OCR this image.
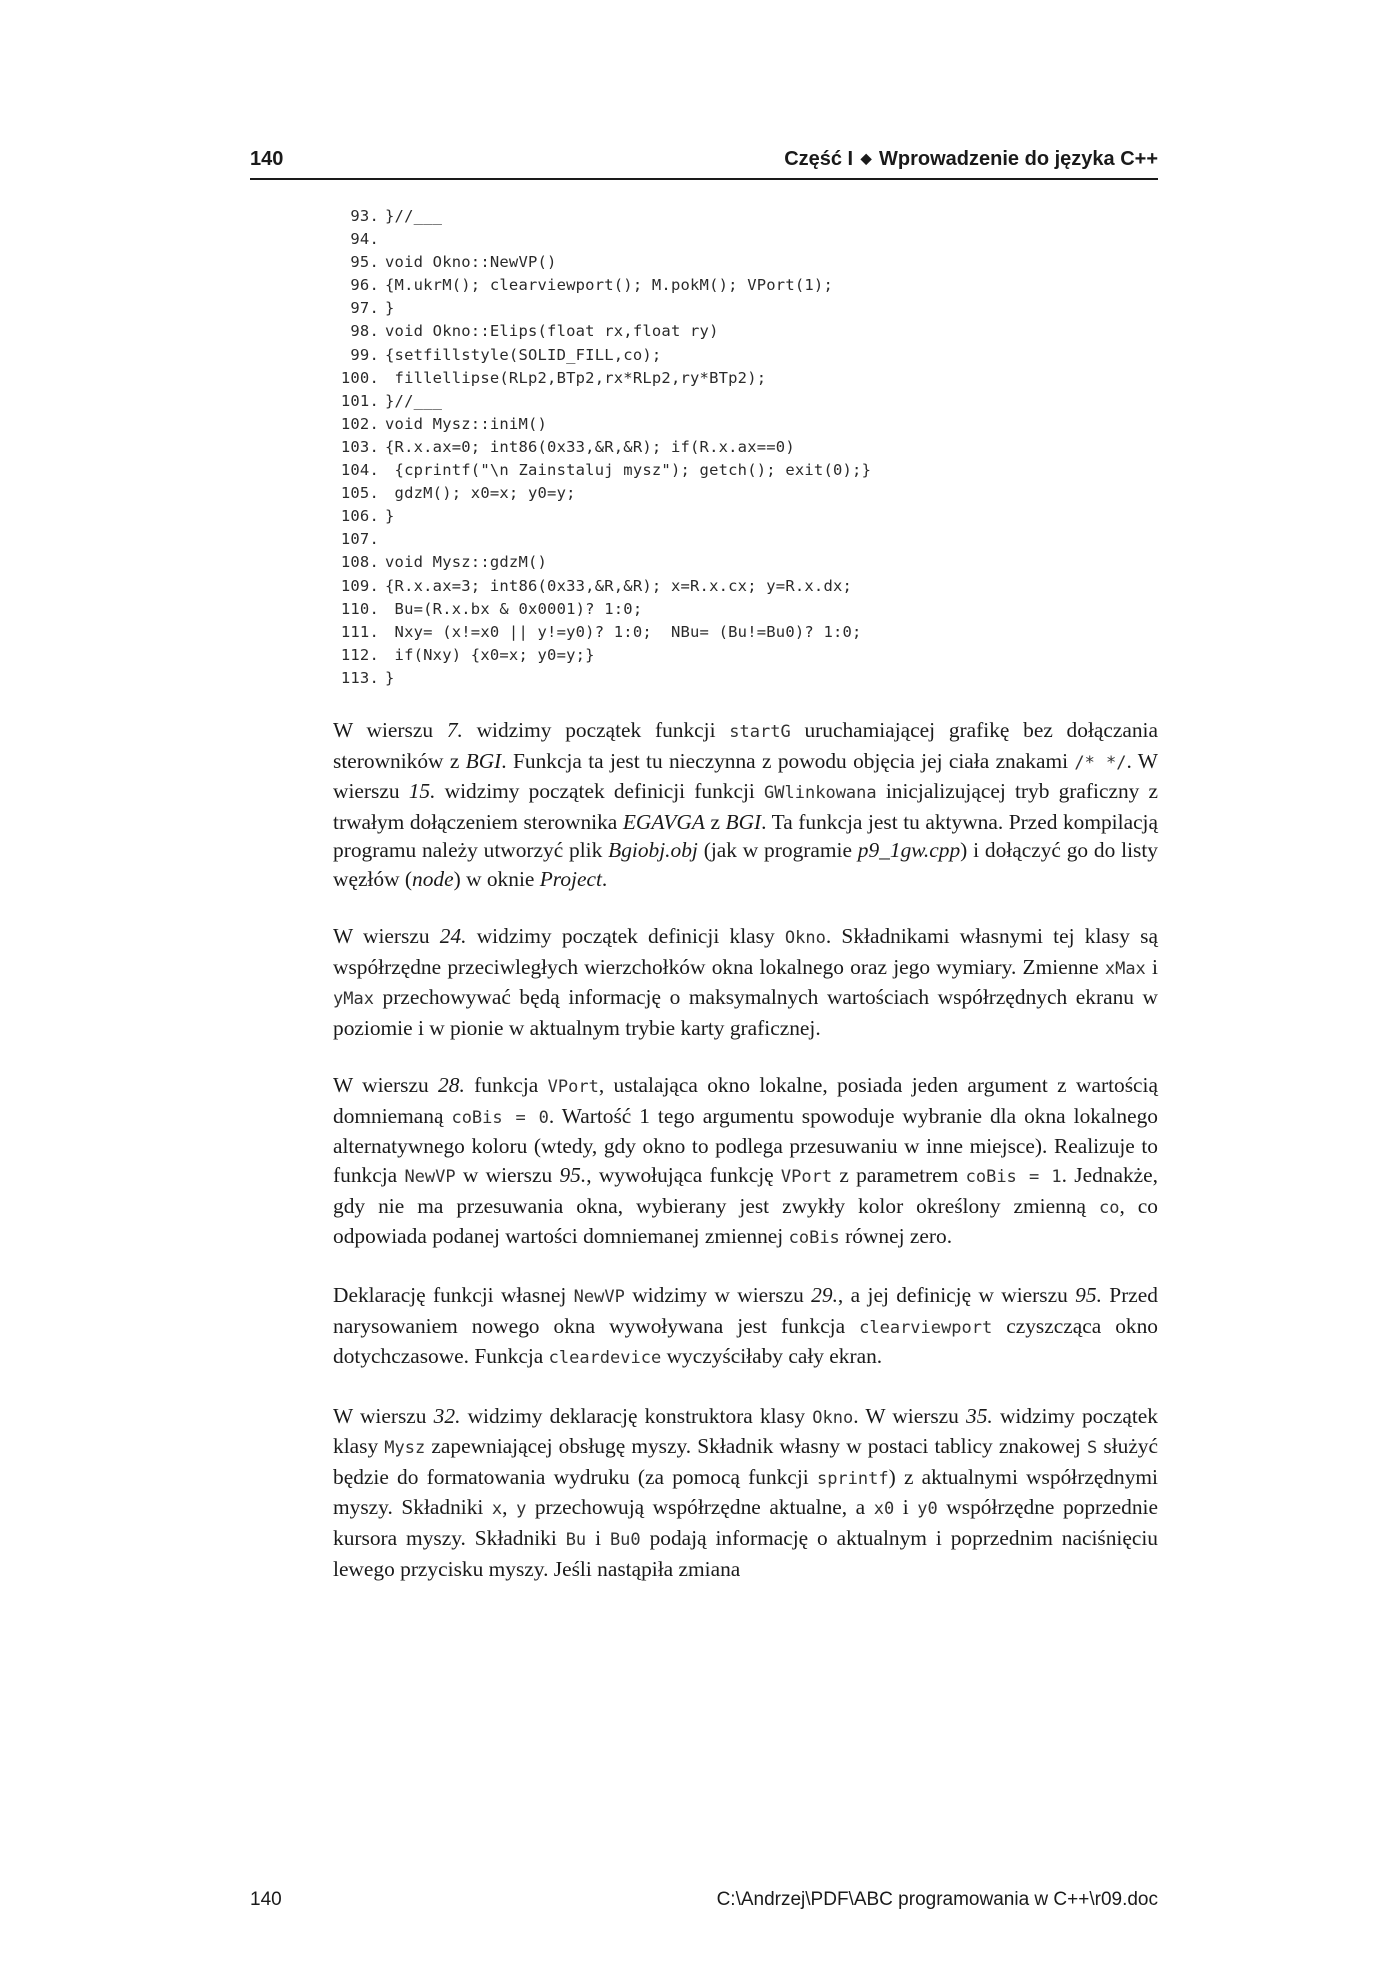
140	Część I ◆ Wprowadzenie do języka C++
93. }//___
94.
95. void Okno::NewVP()
96. {M.ukrM(); clearviewport(); M.pokM(); VPort(1);
97. }
98. void Okno::Elips(float rx,float ry)
99. {setfillstyle(SOLID_FILL,co);
100. fillellipse(RLp2,BTp2,rx*RLp2,ry*BTp2);
101. }//___
102. void Mysz::iniM()
103. {R.x.ax=0; int86(0x33,&R,&R); if(R.x.ax==0)
104. {cprintf("\n Zainstaluj mysz"); getch(); exit(0);}
105. gdzM(); x0=x; y0=y;
106. }
107.
108. void Mysz::gdzM()
109. {R.x.ax=3; int86(0x33,&R,&R); x=R.x.cx; y=R.x.dx;
110. Bu=(R.x.bx & 0x0001)? 1:0;
111. Nxy= (x!=x0 || y!=y0)? 1:0;  NBu= (Bu!=Bu0)? 1:0;
112. if(Nxy) {x0=x; y0=y;}
113. }

W wierszu 7. widzimy początek funkcji startG uruchamiającej grafikę bez dołączania sterowników z BGI. Funkcja ta jest tu nieczynna z powodu objęcia jej ciała znakami /* */. W wierszu 15. widzimy początek definicji funkcji GWlinkowana inicjalizującej tryb graficzny z trwałym dołączeniem sterownika EGAVGA z BGI. Ta funkcja jest tu aktywna. Przed kompilacją programu należy utworzyć plik Bgiobj.obj (jak w programie p9_1gw.cpp) i dołączyć go do listy węzłów (node) w oknie Project.

W wierszu 24. widzimy początek definicji klasy Okno. Składnikami własnymi tej klasy są współrzędne przeciwległych wierzchołków okna lokalnego oraz jego wymiary. Zmienne xMax i yMax przechowywać będą informację o maksymalnych wartościach współrzędnych ekranu w poziomie i w pionie w aktualnym trybie karty graficznej.

W wierszu 28. funkcja VPort, ustalająca okno lokalne, posiada jeden argument z wartością domniemaną coBis = 0. Wartość 1 tego argumentu spowoduje wybranie dla okna lokalnego alternatywnego koloru (wtedy, gdy okno to podlega przesuwaniu w inne miejsce). Realizuje to funkcja NewVP w wierszu 95., wywołująca funkcję VPort z parametrem coBis = 1. Jednakże, gdy nie ma przesuwania okna, wybierany jest zwykły kolor określony zmienną co, co odpowiada podanej wartości domniemanej zmiennej coBis równej zero.

Deklarację funkcji własnej NewVP widzimy w wierszu 29., a jej definicję w wierszu 95. Przed narysowaniem nowego okna wywoływana jest funkcja clearviewport czyszcząca okno dotychczasowe. Funkcja cleardevice wyczyściłaby cały ekran.

W wierszu 32. widzimy deklarację konstruktora klasy Okno. W wierszu 35. widzimy początek klasy Mysz zapewniającej obsługę myszy. Składnik własny w postaci tablicy znakowej S służyć będzie do formatowania wydruku (za pomocą funkcji sprintf) z aktualnymi współrzędnymi myszy. Składniki x, y przechowują współrzędne aktualne, a x0 i y0 współrzędne poprzednie kursora myszy. Składniki Bu i Bu0 podają informację o aktualnym i poprzednim naciśnięciu lewego przycisku myszy. Jeśli nastąpiła zmiana

140	C:\Andrzej\PDF\ABC programowania w C++\r09.doc
